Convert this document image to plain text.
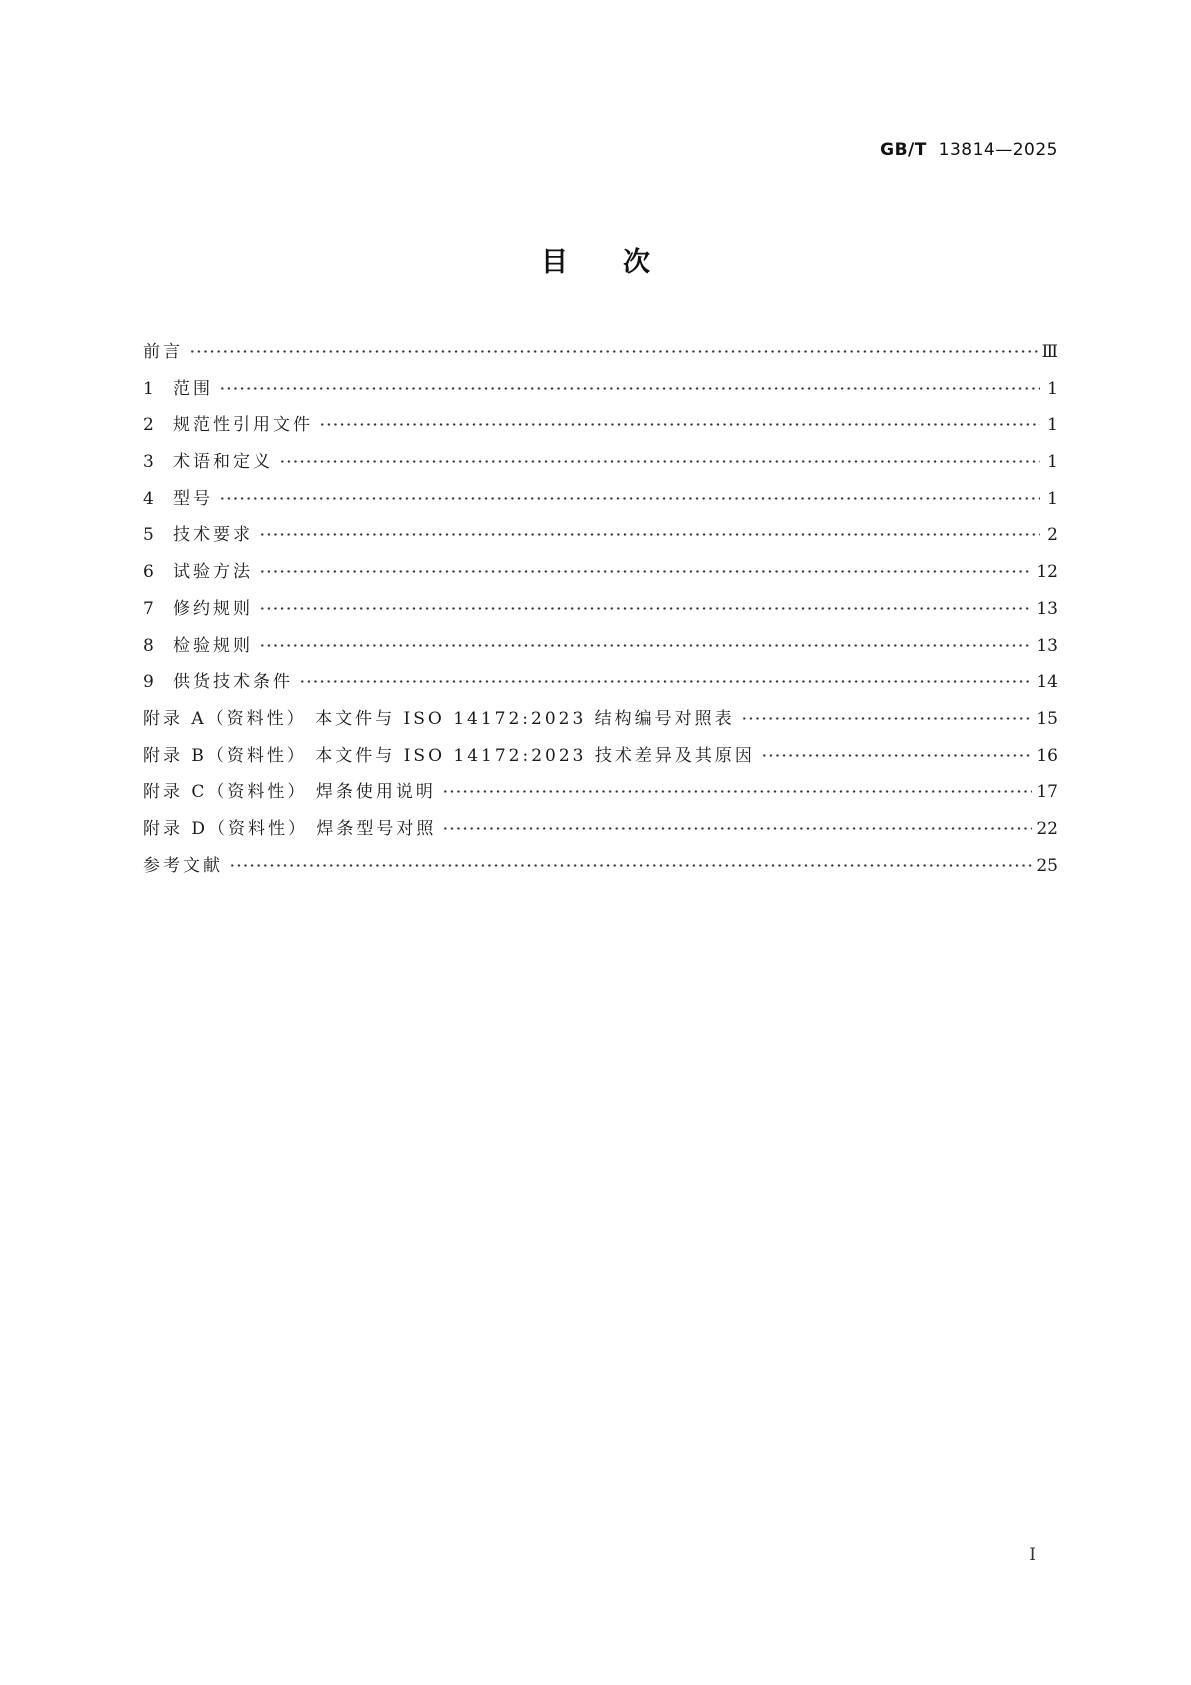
GB/T 13814—2025
目次
前言	Ⅲ
1	范围	1
2	规范性引用文件	1
3	术语和定义	1
4	型号	1
5	技术要求	2
6	试验方法	12
7	修约规则	13
8	检验规则	13
9	供货技术条件	14
附录 A（资料性） 本文件与 ISO 14172:2023 结构编号对照表	15
附录 B（资料性） 本文件与 ISO 14172:2023 技术差异及其原因	16
附录 C（资料性） 焊条使用说明	17
附录 D（资料性） 焊条型号对照	22
参考文献	25
I
